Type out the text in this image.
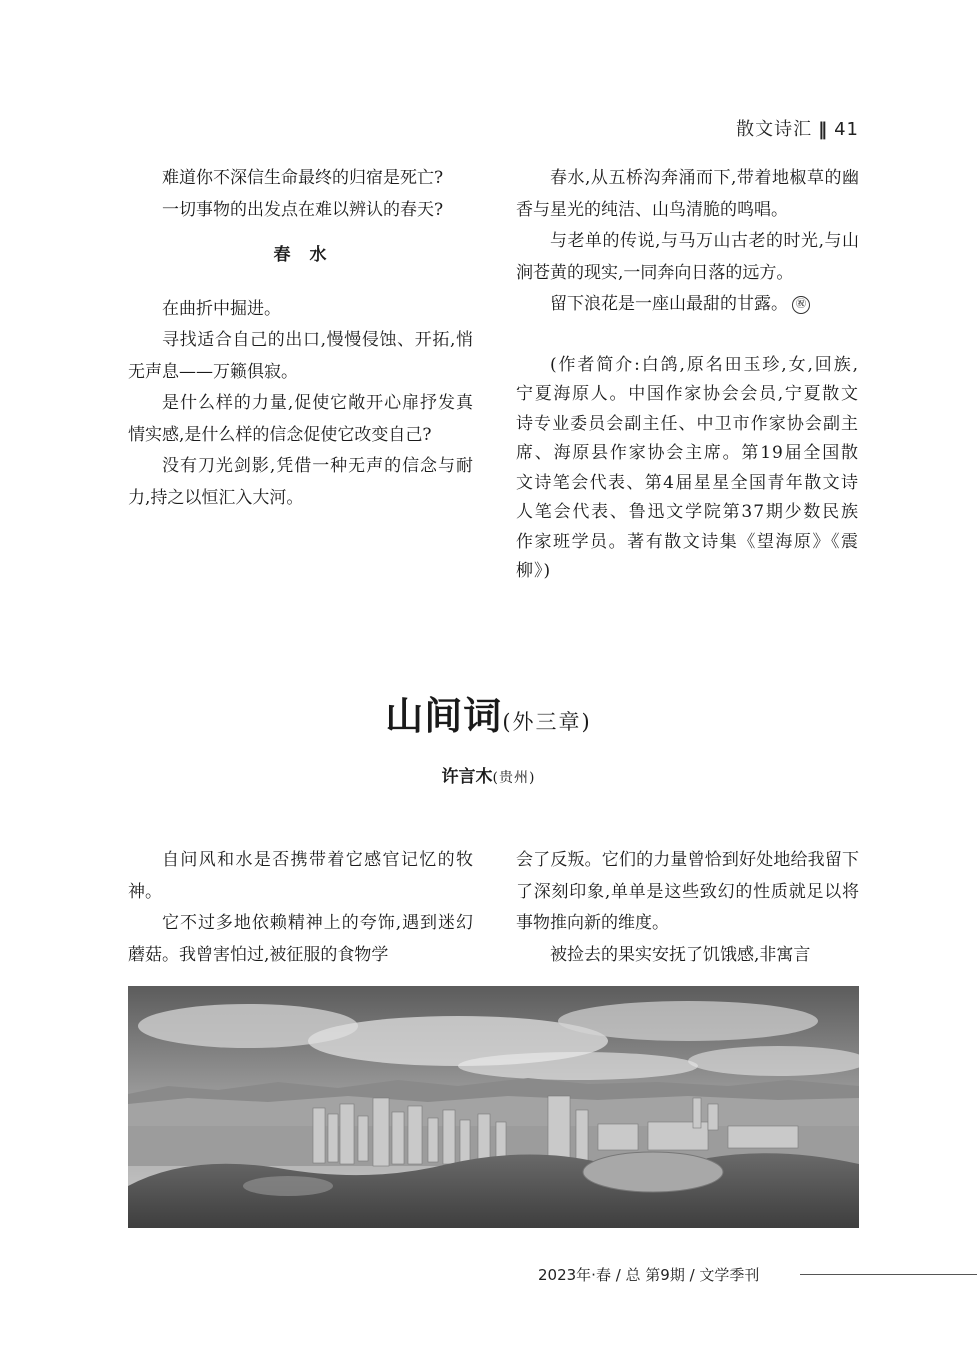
散文诗汇 ‖ 41

难道你不深信生命最终的归宿是死亡?

一切事物的出发点在难以辨认的春天?

春　水

在曲折中掘进。

寻找适合自己的出口,慢慢侵蚀、开拓,悄无声息——万籁俱寂。

是什么样的力量,促使它敞开心扉抒发真情实感,是什么样的信念促使它改变自己?

没有刀光剑影,凭借一种无声的信念与耐力,持之以恒汇入大河。

春水,从五桥沟奔涌而下,带着地椒草的幽香与星光的纯洁、山鸟清脆的鸣唱。

与老单的传说,与马万山古老的时光,与山涧苍黄的现实,一同奔向日落的远方。

留下浪花是一座山最甜的甘露。 ㊗

(作者简介:白鸽,原名田玉珍,女,回族,宁夏海原人。中国作家协会会员,宁夏散文诗专业委员会副主任、中卫市作家协会副主席、海原县作家协会主席。第19届全国散文诗笔会代表、第4届星星全国青年散文诗人笔会代表、鲁迅文学院第37期少数民族作家班学员。著有散文诗集《望海原》《震柳》)

山间词(外三章)
许言木(贵州)

自问风和水是否携带着它感官记忆的牧神。

它不过多地依赖精神上的夸饰,遇到迷幻蘑菇。我曾害怕过,被征服的食物学

会了反叛。它们的力量曾恰到好处地给我留下了深刻印象,单单是这些致幻的性质就足以将事物推向新的维度。

被捡去的果实安抚了饥饿感,非寓言

2023年·春 / 总 第9期 / 文学季刊
